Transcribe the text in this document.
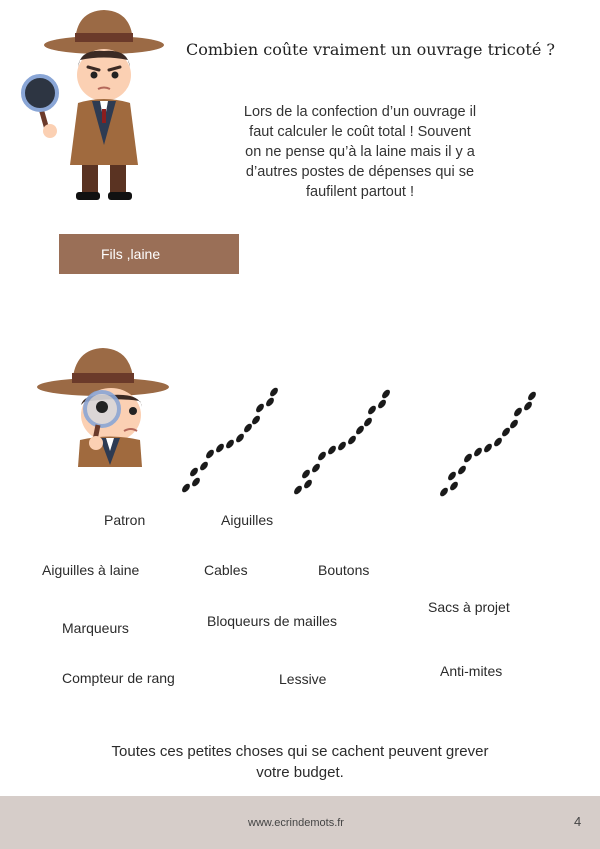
Combien coûte vraiment un ouvrage tricoté ?
Lors de la confection d’un ouvrage il
faut calculer le coût total ! Souvent
on ne pense qu’à la laine mais il y a
d’autres postes de dépenses qui se
faufilent partout !
Fils ,laine
Patron	Aiguilles
Aiguilles à laine	Cables	Boutons
Sacs à projet
Marqueurs	Bloqueurs de mailles
Compteur de rang	Lessive	Anti-mites
Toutes ces petites choses qui se cachent peuvent grever
votre budget.
www.ecrindemots.fr	4
